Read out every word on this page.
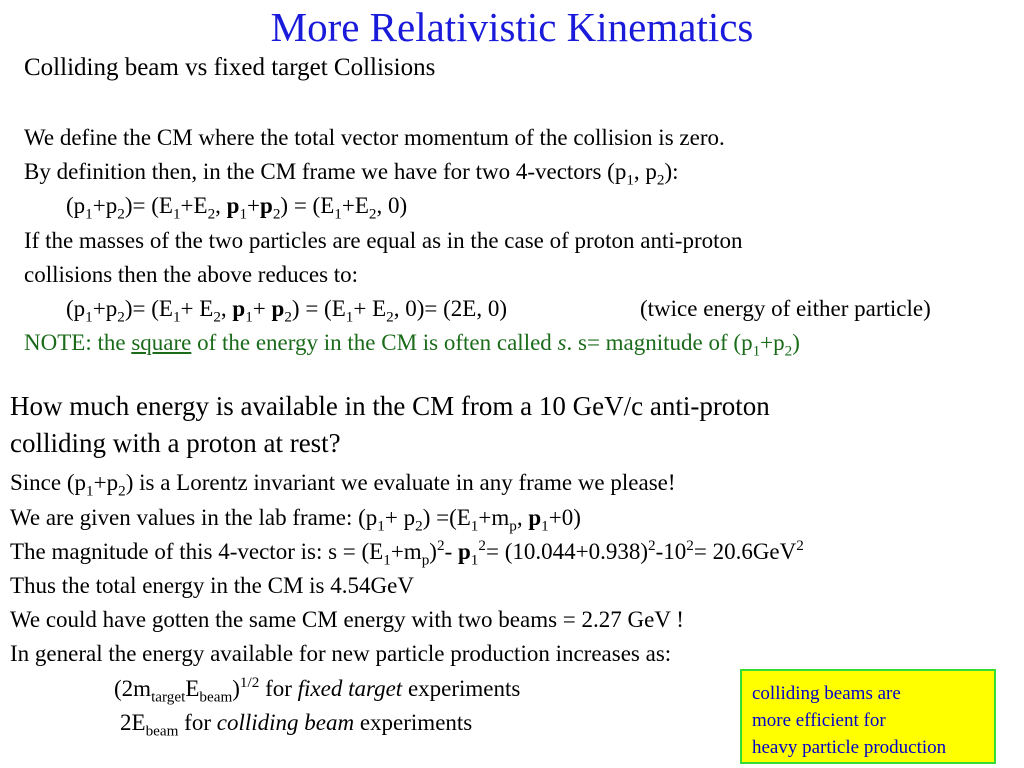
More Relativistic Kinematics
Colliding beam vs fixed target Collisions
We define the CM where the total vector momentum of the collision is zero.
By definition then, in the CM frame we have for two 4-vectors ($p_1$, $p_2$):
$(p_1+p_2)= (E_1+E_2$, $p_1+p_2) = (E_1+E_2$, 0)
If the masses of the two particles are equal as in the case of proton anti-proton
collisions then the above reduces to:
$(p_1+p_2)= (E_1+ E_2$, $p_1+ p_2) = (E_1+ E_2$, 0)= (2E, 0)	(twice energy of either particle)
NOTE: the square of the energy in the CM is often called s. s= magnitude of $(p_1+p_2)$
How much energy is available in the CM from a 10 GeV/c anti-proton
colliding with a proton at rest?
Since $(p_1+p_2)$ is a Lorentz invariant we evaluate in any frame we please!
We are given values in the lab frame: $(p_1+ p_2) =(E_1+m_p$, $p_1+0$)
The magnitude of this 4-vector is: $s = (E_1+m_p)^2-$ $p_1^2= (10.044+0.938)^2-10^2= 20.6GeV^2$
Thus the total energy in the CM is 4.54GeV
We could have gotten the same CM energy with two beams = 2.27 GeV !
In general the energy available for new particle production increases as:
$(2m_{target}E_{beam})^{1/2}$ for fixed target experiments
$2E_{beam}$ for colliding beam experiments
colliding beams are
more efficient for
heavy particle production
